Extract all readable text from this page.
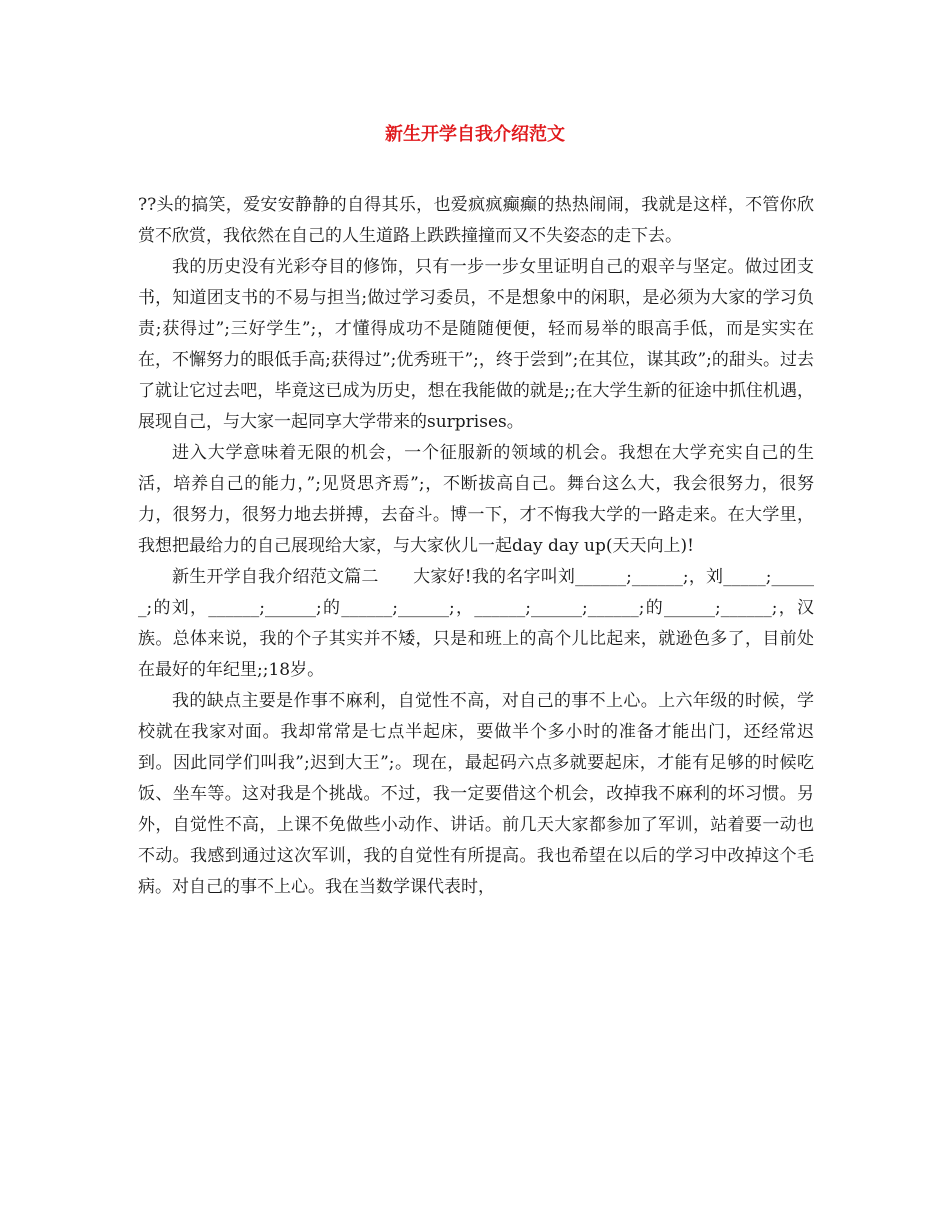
新生开学自我介绍范文

??头的搞笑，爱安安静静的自得其乐，也爱疯疯癫癫的热热闹闹，我就是这样，不管你欣赏不欣赏，我依然在自己的人生道路上跌跌撞撞而又不失姿态的走下去。

我的历史没有光彩夺目的修饰，只有一步一步女里证明自己的艰辛与坚定。做过团支书，知道团支书的不易与担当;做过学习委员，不是想象中的闲职，是必须为大家的学习负责;获得过”;三好学生”;，才懂得成功不是随随便便，轻而易举的眼高手低，而是实实在在，不懈努力的眼低手高;获得过”;优秀班干”;，终于尝到”;在其位，谋其政”;的甜头。过去了就让它过去吧，毕竟这已成为历史，想在我能做的就是;;在大学生新的征途中抓住机遇，展现自己，与大家一起同享大学带来的surprises。

进入大学意味着无限的机会，一个征服新的领域的机会。我想在大学充实自己的生活，培养自己的能力，”;见贤思齐焉”;，不断拔高自己。舞台这么大，我会很努力，很努力，很努力，很努力地去拼搏，去奋斗。博一下，才不悔我大学的一路走来。在大学里，我想把最给力的自己展现给大家，与大家伙儿一起day day up(天天向上)!

新生开学自我介绍范文篇二　　大家好!我的名字叫刘______;______;，刘_____;______;的刘，______;______;的______;______;，______;______;______;的______;______;，汉族。总体来说，我的个子其实并不矮，只是和班上的高个儿比起来，就逊色多了，目前处在最好的年纪里;;18岁。

我的缺点主要是作事不麻利，自觉性不高，对自己的事不上心。上六年级的时候，学校就在我家对面。我却常常是七点半起床，要做半个多小时的准备才能出门，还经常迟到。因此同学们叫我”;迟到大王”;。现在，最起码六点多就要起床，才能有足够的时候吃饭、坐车等。这对我是个挑战。不过，我一定要借这个机会，改掉我不麻利的坏习惯。另外，自觉性不高，上课不免做些小动作、讲话。前几天大家都参加了军训，站着要一动也不动。我感到通过这次军训，我的自觉性有所提高。我也希望在以后的学习中改掉这个毛病。对自己的事不上心。我在当数学课代表时，
